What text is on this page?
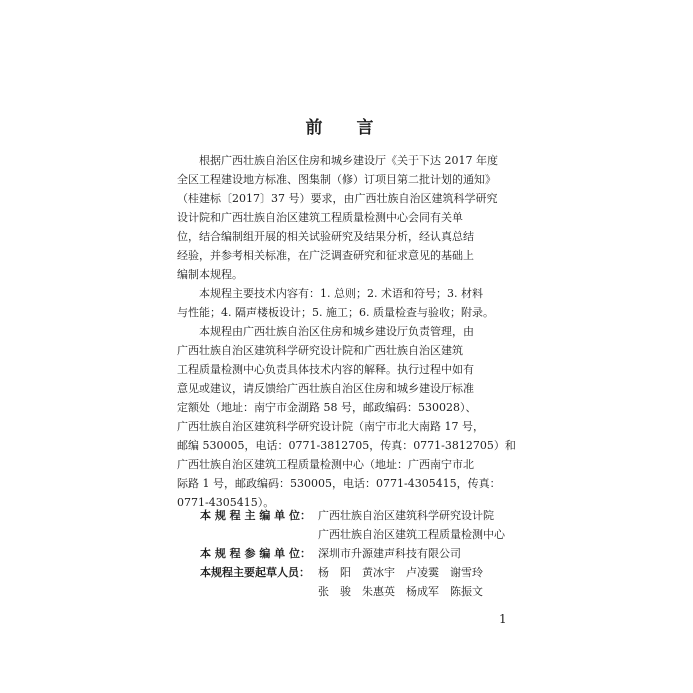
前 言
根据广西壮族自治区住房和城乡建设厅《关于下达 2017 年度
全区工程建设地方标准、图集制（修）订项目第二批计划的通知》
（桂建标〔2017〕37 号）要求，由广西壮族自治区建筑科学研究
设计院和广西壮族自治区建筑工程质量检测中心会同有关单
位，结合编制组开展的相关试验研究及结果分析，经认真总结
经验，并参考相关标准，在广泛调查研究和征求意见的基础上
编制本规程。
本规程主要技术内容有：1. 总则；2. 术语和符号；3. 材料
与性能；4. 隔声楼板设计；5. 施工；6. 质量检查与验收；附录。
本规程由广西壮族自治区住房和城乡建设厅负责管理，由
广西壮族自治区建筑科学研究设计院和广西壮族自治区建筑
工程质量检测中心负责具体技术内容的解释。执行过程中如有
意见或建议，请反馈给广西壮族自治区住房和城乡建设厅标准
定额处（地址：南宁市金湖路 58 号，邮政编码：530028）、
广西壮族自治区建筑科学研究设计院（南宁市北大南路 17 号，
邮编 530005，电话：0771-3812705，传真：0771-3812705）和
广西壮族自治区建筑工程质量检测中心（地址：广西南宁市北
际路 1 号，邮政编码：530005，电话：0771-4305415，传真：
0771-4305415）。
本 规 程 主 编 单 位： 广西壮族自治区建筑科学研究设计院
广西壮族自治区建筑工程质量检测中心
本 规 程 参 编 单 位： 深圳市升源建声科技有限公司
本规程主要起草人员： 杨　阳　黄冰宇　卢凌霙　谢雪玲
张　骏　朱惠英　杨成军　陈振文
1
